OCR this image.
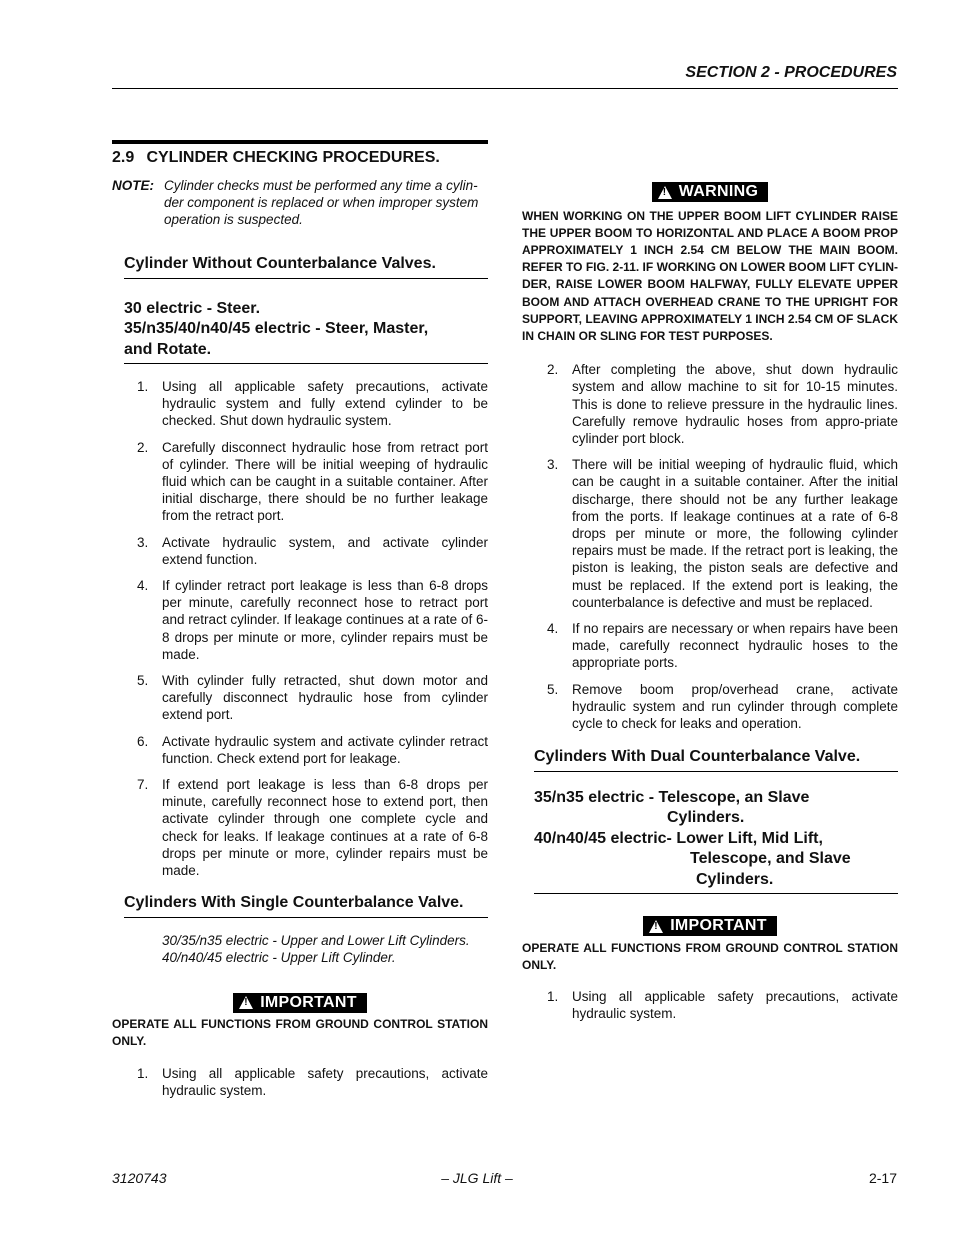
SECTION 2 - PROCEDURES
2.9 CYLINDER CHECKING PROCEDURES.
NOTE: Cylinder checks must be performed any time a cylin-der component is replaced or when improper system operation is suspected.
Cylinder Without Counterbalance Valves.
30 electric - Steer.
35/n35/40/n40/45 electric - Steer, Master,
and Rotate.
1.	Using all applicable safety precautions, activate hydraulic system and fully extend cylinder to be checked. Shut down hydraulic system.
2.	Carefully disconnect hydraulic hose from retract port of cylinder. There will be initial weeping of hydraulic fluid which can be caught in a suitable container. After initial discharge, there should be no further leakage from the retract port.
3.	Activate hydraulic system, and activate cylinder extend function.
4.	If cylinder retract port leakage is less than 6-8 drops per minute, carefully reconnect hose to retract port and retract cylinder. If leakage continues at a rate of 6-8 drops per minute or more, cylinder repairs must be made.
5.	With cylinder fully retracted, shut down motor and carefully disconnect hydraulic hose from cylinder extend port.
6.	Activate hydraulic system and activate cylinder retract function. Check extend port for leakage.
7.	If extend port leakage is less than 6-8 drops per minute, carefully reconnect hose to extend port, then activate cylinder through one complete cycle and check for leaks. If leakage continues at a rate of 6-8 drops per minute or more, cylinder repairs must be made.
Cylinders With Single Counterbalance Valve.
30/35/n35 electric - Upper and Lower Lift Cylinders.
40/n40/45 electric - Upper Lift Cylinder.
!
IMPORTANT
OPERATE ALL FUNCTIONS FROM GROUND CONTROL STATION ONLY.
1.	Using all applicable safety precautions, activate hydraulic system.
!
WARNING
WHEN WORKING ON THE UPPER BOOM LIFT CYLINDER RAISE THE UPPER BOOM TO HORIZONTAL AND PLACE A BOOM PROP APPROXIMATELY 1 INCH 2.54 CM BELOW THE MAIN BOOM. REFER TO FIG. 2-11. IF WORKING ON LOWER BOOM LIFT CYLIN-DER, RAISE LOWER BOOM HALFWAY, FULLY ELEVATE UPPER BOOM AND ATTACH OVERHEAD CRANE TO THE UPRIGHT FOR SUPPORT, LEAVING APPROXIMATELY 1 INCH 2.54 CM OF SLACK IN CHAIN OR SLING FOR TEST PURPOSES.
2.	After completing the above, shut down hydraulic system and allow machine to sit for 10-15 minutes. This is done to relieve pressure in the hydraulic lines. Carefully remove hydraulic hoses from appro-priate cylinder port block.
3.	There will be initial weeping of hydraulic fluid, which can be caught in a suitable container. After the initial discharge, there should not be any further leakage from the ports. If leakage continues at a rate of 6-8 drops per minute or more, the following cylinder repairs must be made. If the retract port is leaking, the piston is leaking, the piston seals are defective and must be replaced. If the extend port is leaking, the counterbalance is defective and must be replaced.
4.	If no repairs are necessary or when repairs have been made, carefully reconnect hydraulic hoses to the appropriate ports.
5.	Remove boom prop/overhead crane, activate hydraulic system and run cylinder through complete cycle to check for leaks and operation.
Cylinders With Dual Counterbalance Valve.
35/n35 electric - Telescope, an Slave
Cylinders.
40/n40/45 electric- Lower Lift, Mid Lift,
Telescope, and Slave
Cylinders.
!
IMPORTANT
OPERATE ALL FUNCTIONS FROM GROUND CONTROL STATION ONLY.
1.	Using all applicable safety precautions, activate hydraulic system.
3120743	– JLG Lift –	2-17
